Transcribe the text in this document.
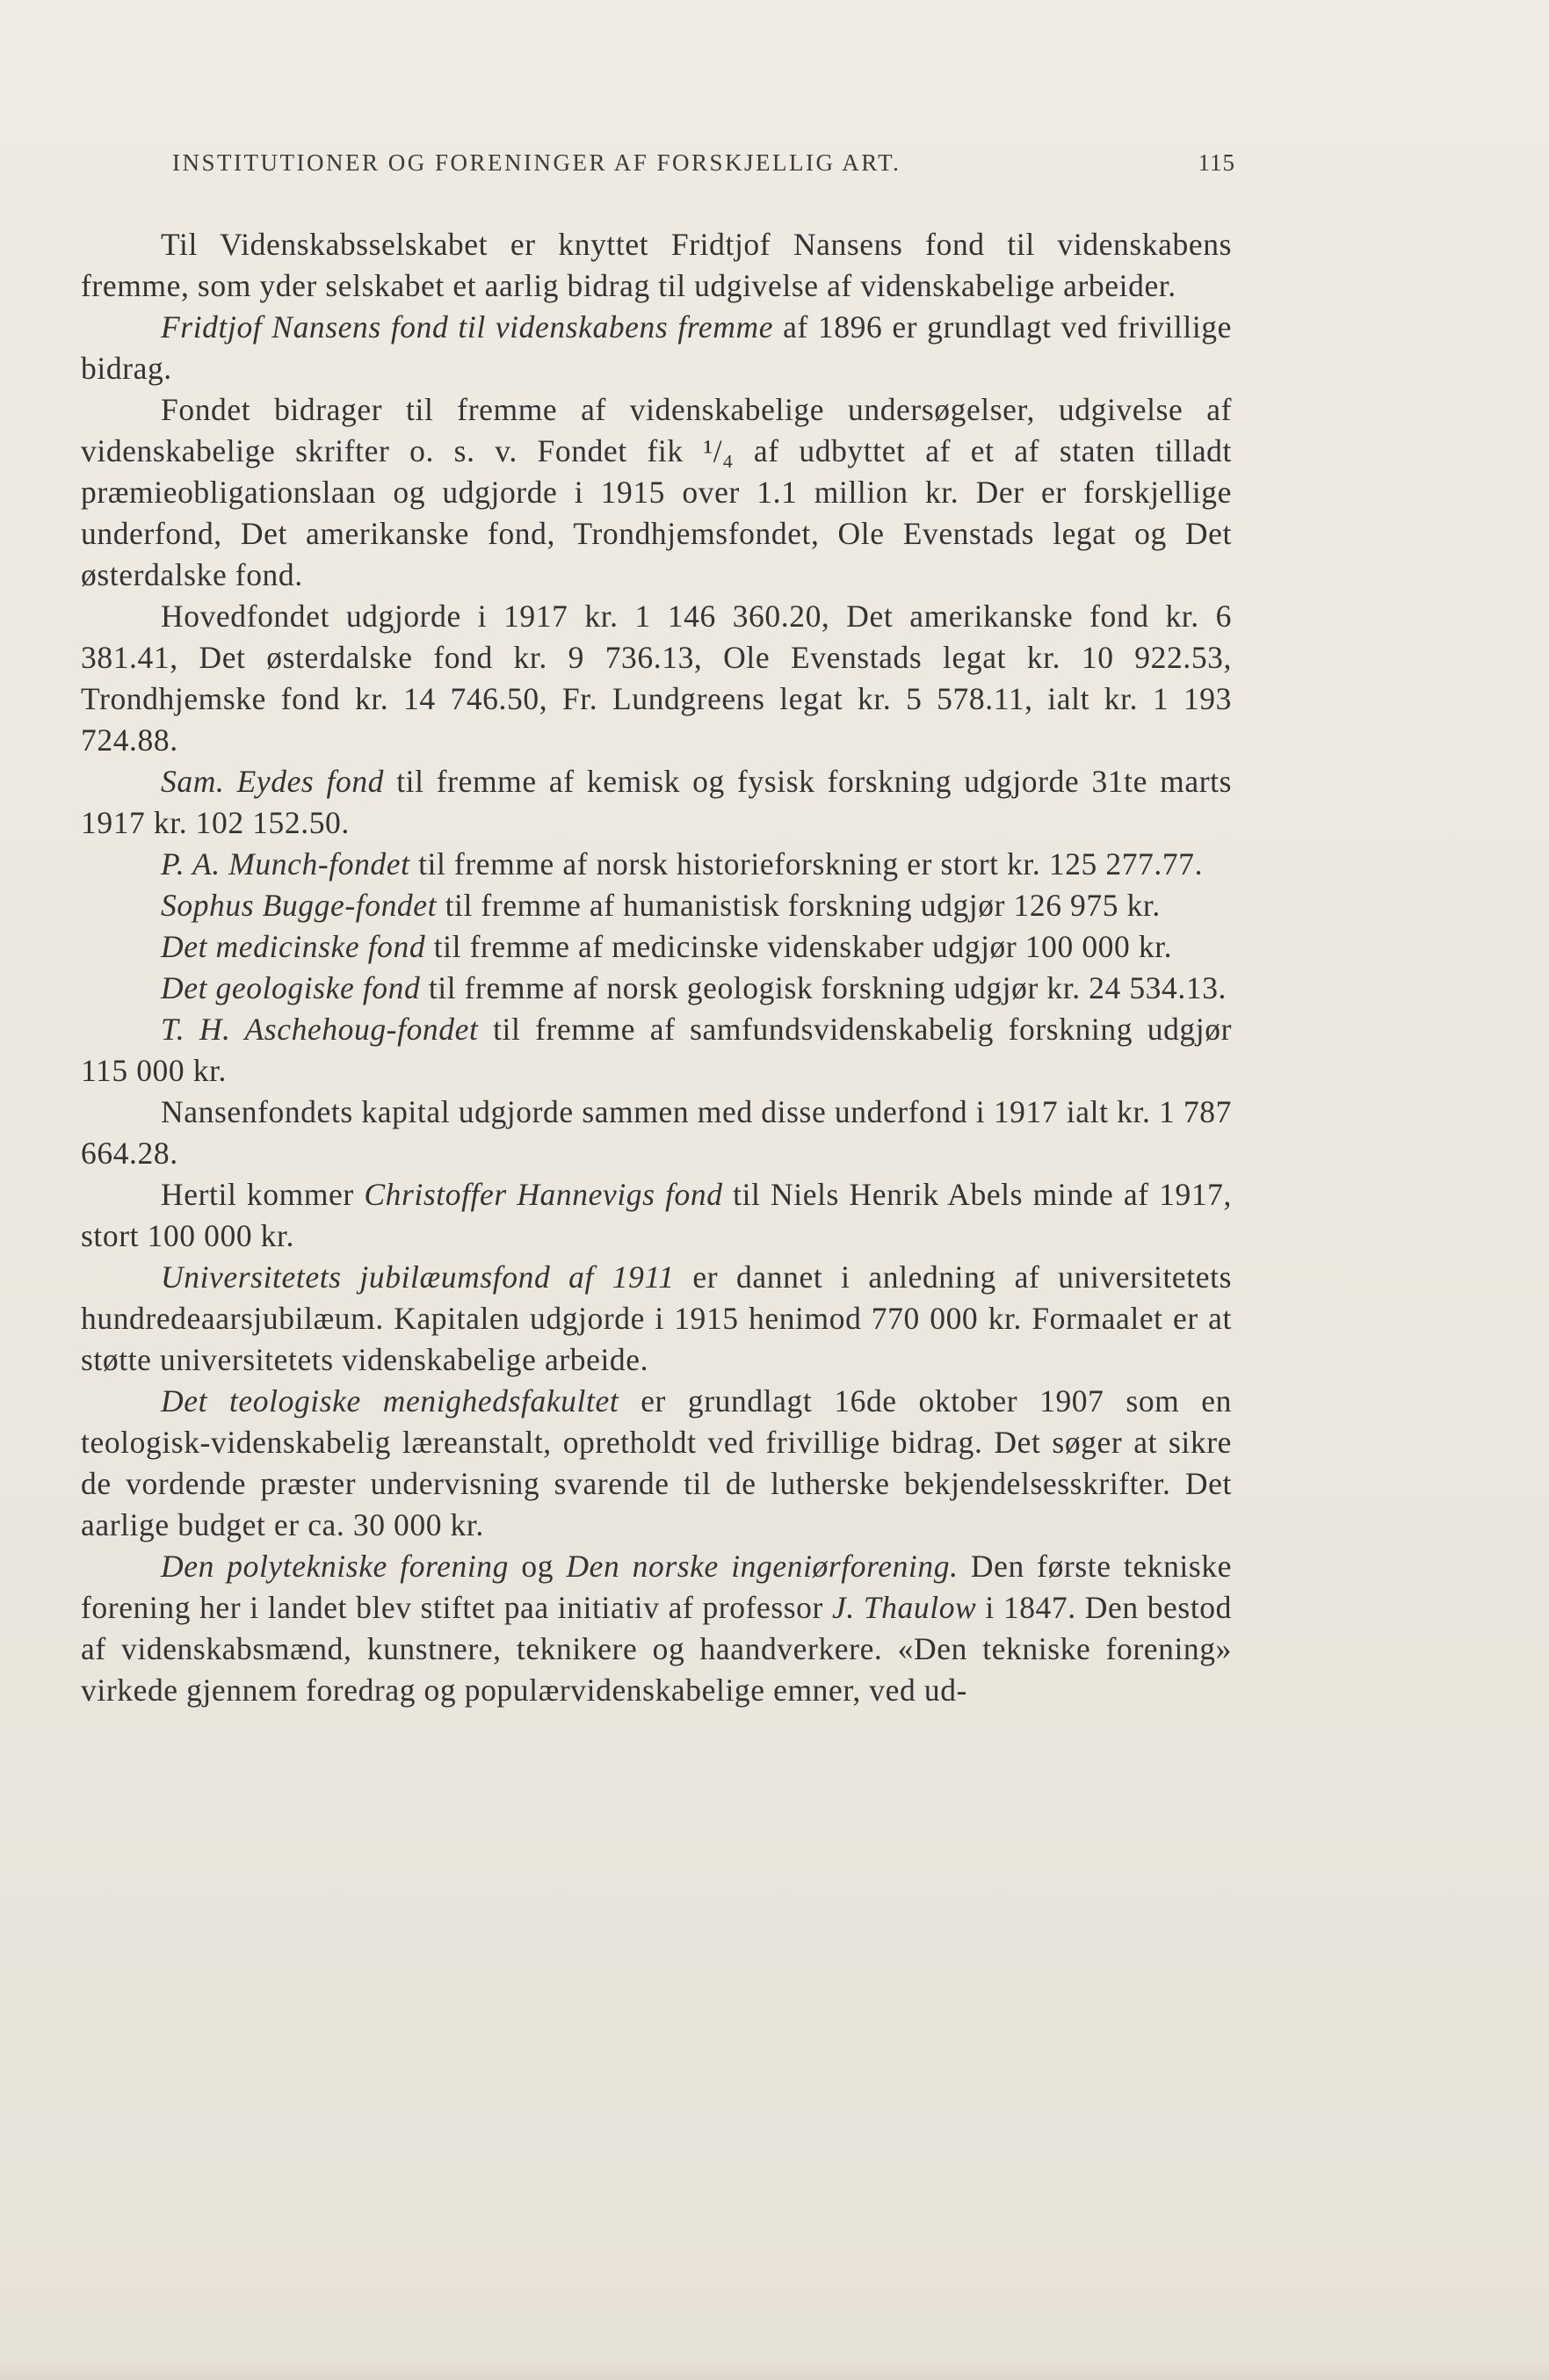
INSTITUTIONER OG FORENINGER AF FORSKJELLIG ART.	115

Til Videnskabsselskabet er knyttet Fridtjof Nansens fond til videnskabens fremme, som yder selskabet et aarlig bidrag til udgivelse af videnskabelige arbeider.

Fridtjof Nansens fond til videnskabens fremme af 1896 er grundlagt ved frivillige bidrag.

Fondet bidrager til fremme af videnskabelige undersøgelser, udgivelse af videnskabelige skrifter o. s. v. Fondet fik ¹/₄ af udbyttet af et af staten tilladt præmieobligationslaan og udgjorde i 1915 over 1.1 million kr. Der er forskjellige underfond, Det amerikanske fond, Trondhjemsfondet, Ole Evenstads legat og Det østerdalske fond.

Hovedfondet udgjorde i 1917 kr. 1 146 360.20, Det amerikanske fond kr. 6 381.41, Det østerdalske fond kr. 9 736.13, Ole Evenstads legat kr. 10 922.53, Trondhjemske fond kr. 14 746.50, Fr. Lundgreens legat kr. 5 578.11, ialt kr. 1 193 724.88.

Sam. Eydes fond til fremme af kemisk og fysisk forskning udgjorde 31te marts 1917 kr. 102 152.50.

P. A. Munch-fondet til fremme af norsk historieforskning er stort kr. 125 277.77.

Sophus Bugge-fondet til fremme af humanistisk forskning udgjør 126 975 kr.

Det medicinske fond til fremme af medicinske videnskaber udgjør 100 000 kr.

Det geologiske fond til fremme af norsk geologisk forskning udgjør kr. 24 534.13.

T. H. Aschehoug-fondet til fremme af samfundsvidenskabelig forskning udgjør 115 000 kr.

Nansenfondets kapital udgjorde sammen med disse underfond i 1917 ialt kr. 1 787 664.28.

Hertil kommer Christoffer Hannevigs fond til Niels Henrik Abels minde af 1917, stort 100 000 kr.

Universitetets jubilæumsfond af 1911 er dannet i anledning af universitetets hundredeaarsjubilæum. Kapitalen udgjorde i 1915 henimod 770 000 kr. Formaalet er at støtte universitetets videnskabelige arbeide.

Det teologiske menighedsfakultet er grundlagt 16de oktober 1907 som en teologisk-videnskabelig læreanstalt, opretholdt ved frivillige bidrag. Det søger at sikre de vordende præster undervisning svarende til de lutherske bekjendelsesskrifter. Det aarlige budget er ca. 30 000 kr.

Den polytekniske forening og Den norske ingeniørforening. Den første tekniske forening her i landet blev stiftet paa initiativ af professor J. Thaulow i 1847. Den bestod af videnskabsmænd, kunstnere, teknikere og haandverkere. «Den tekniske forening» virkede gjennem foredrag og populærvidenskabelige emner, ved ud-
